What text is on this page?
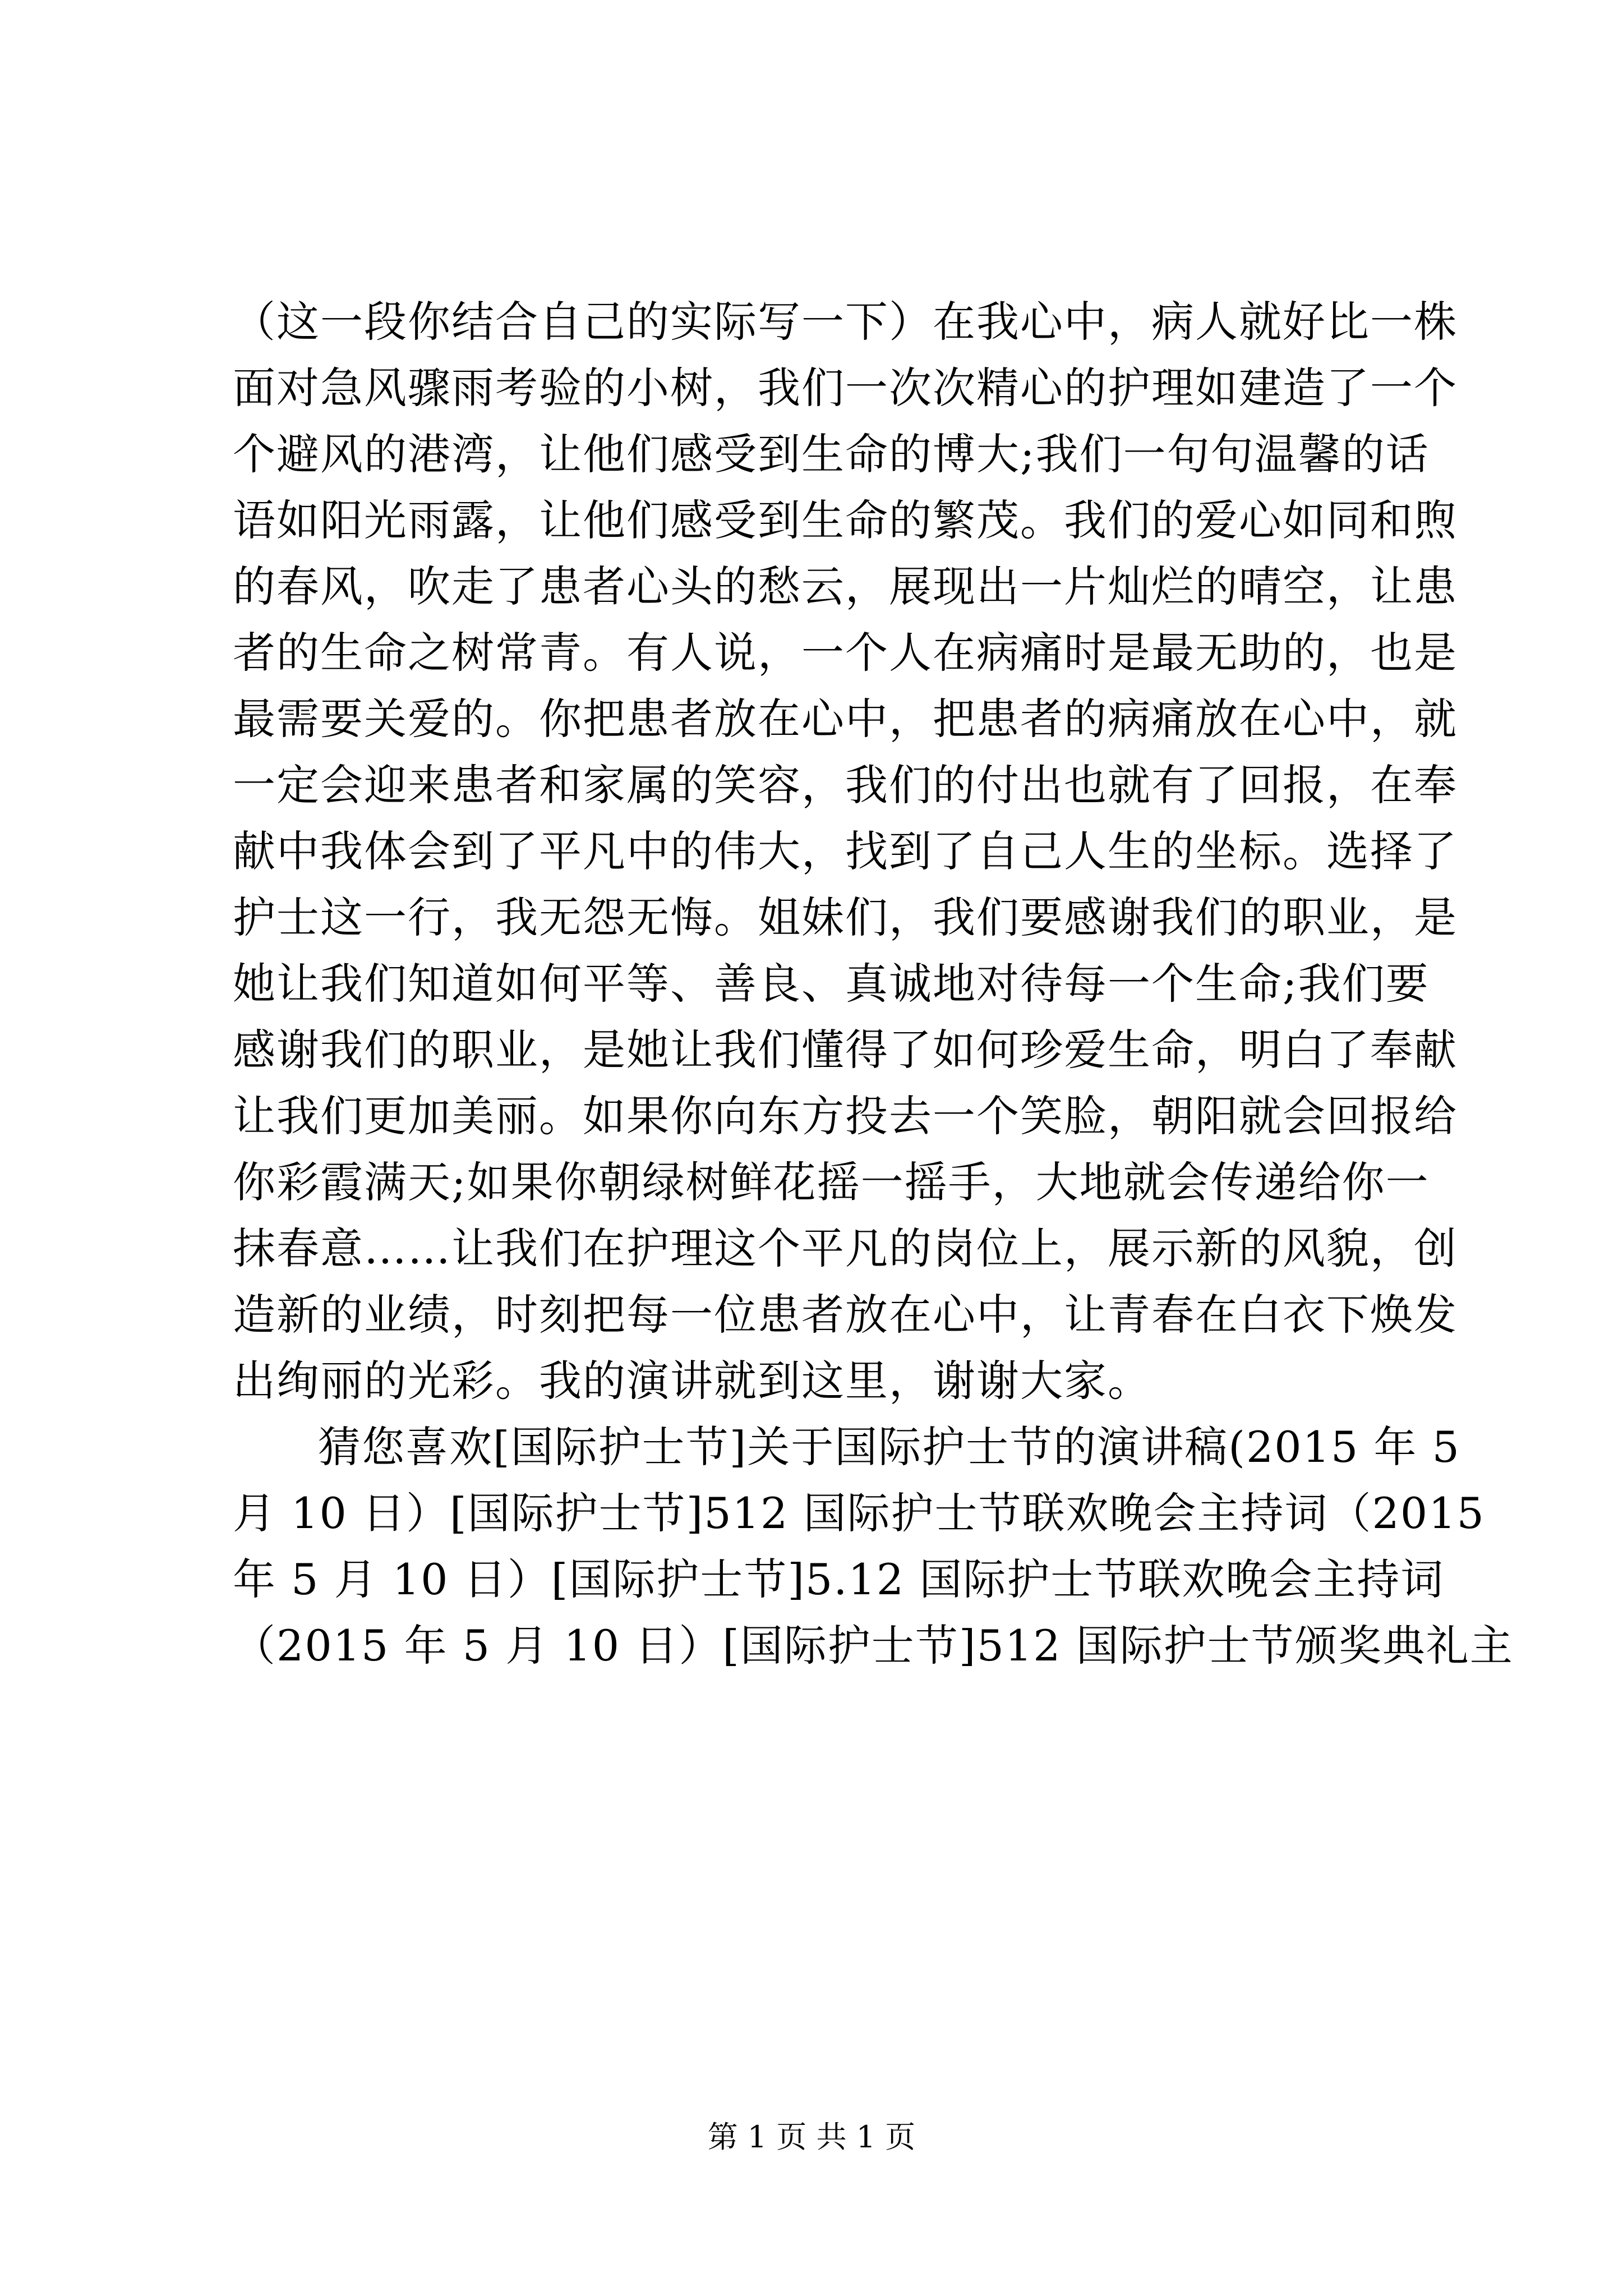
（这一段你结合自己的实际写一下）在我心中，病人就好比一株
面对急风骤雨考验的小树，我们一次次精心的护理如建造了一个
个避风的港湾，让他们感受到生命的博大;我们一句句温馨的话
语如阳光雨露，让他们感受到生命的繁茂。我们的爱心如同和煦
的春风，吹走了患者心头的愁云，展现出一片灿烂的晴空，让患
者的生命之树常青。有人说，一个人在病痛时是最无助的，也是
最需要关爱的。你把患者放在心中，把患者的病痛放在心中，就
一定会迎来患者和家属的笑容，我们的付出也就有了回报，在奉
献中我体会到了平凡中的伟大，找到了自己人生的坐标。选择了
护士这一行，我无怨无悔。姐妹们，我们要感谢我们的职业，是
她让我们知道如何平等、善良、真诚地对待每一个生命;我们要
感谢我们的职业，是她让我们懂得了如何珍爱生命，明白了奉献
让我们更加美丽。如果你向东方投去一个笑脸，朝阳就会回报给
你彩霞满天;如果你朝绿树鲜花摇一摇手，大地就会传递给你一
抹春意……让我们在护理这个平凡的岗位上，展示新的风貌，创
造新的业绩，时刻把每一位患者放在心中，让青春在白衣下焕发
出绚丽的光彩。我的演讲就到这里，谢谢大家。
猜您喜欢[国际护士节]关于国际护士节的演讲稿(2015 年 5
月 10 日）[国际护士节]512 国际护士节联欢晚会主持词（2015
年 5 月 10 日）[国际护士节]5.12 国际护士节联欢晚会主持词
（2015 年 5 月 10 日）[国际护士节]512 国际护士节颁奖典礼主
第 1 页 共 1 页
